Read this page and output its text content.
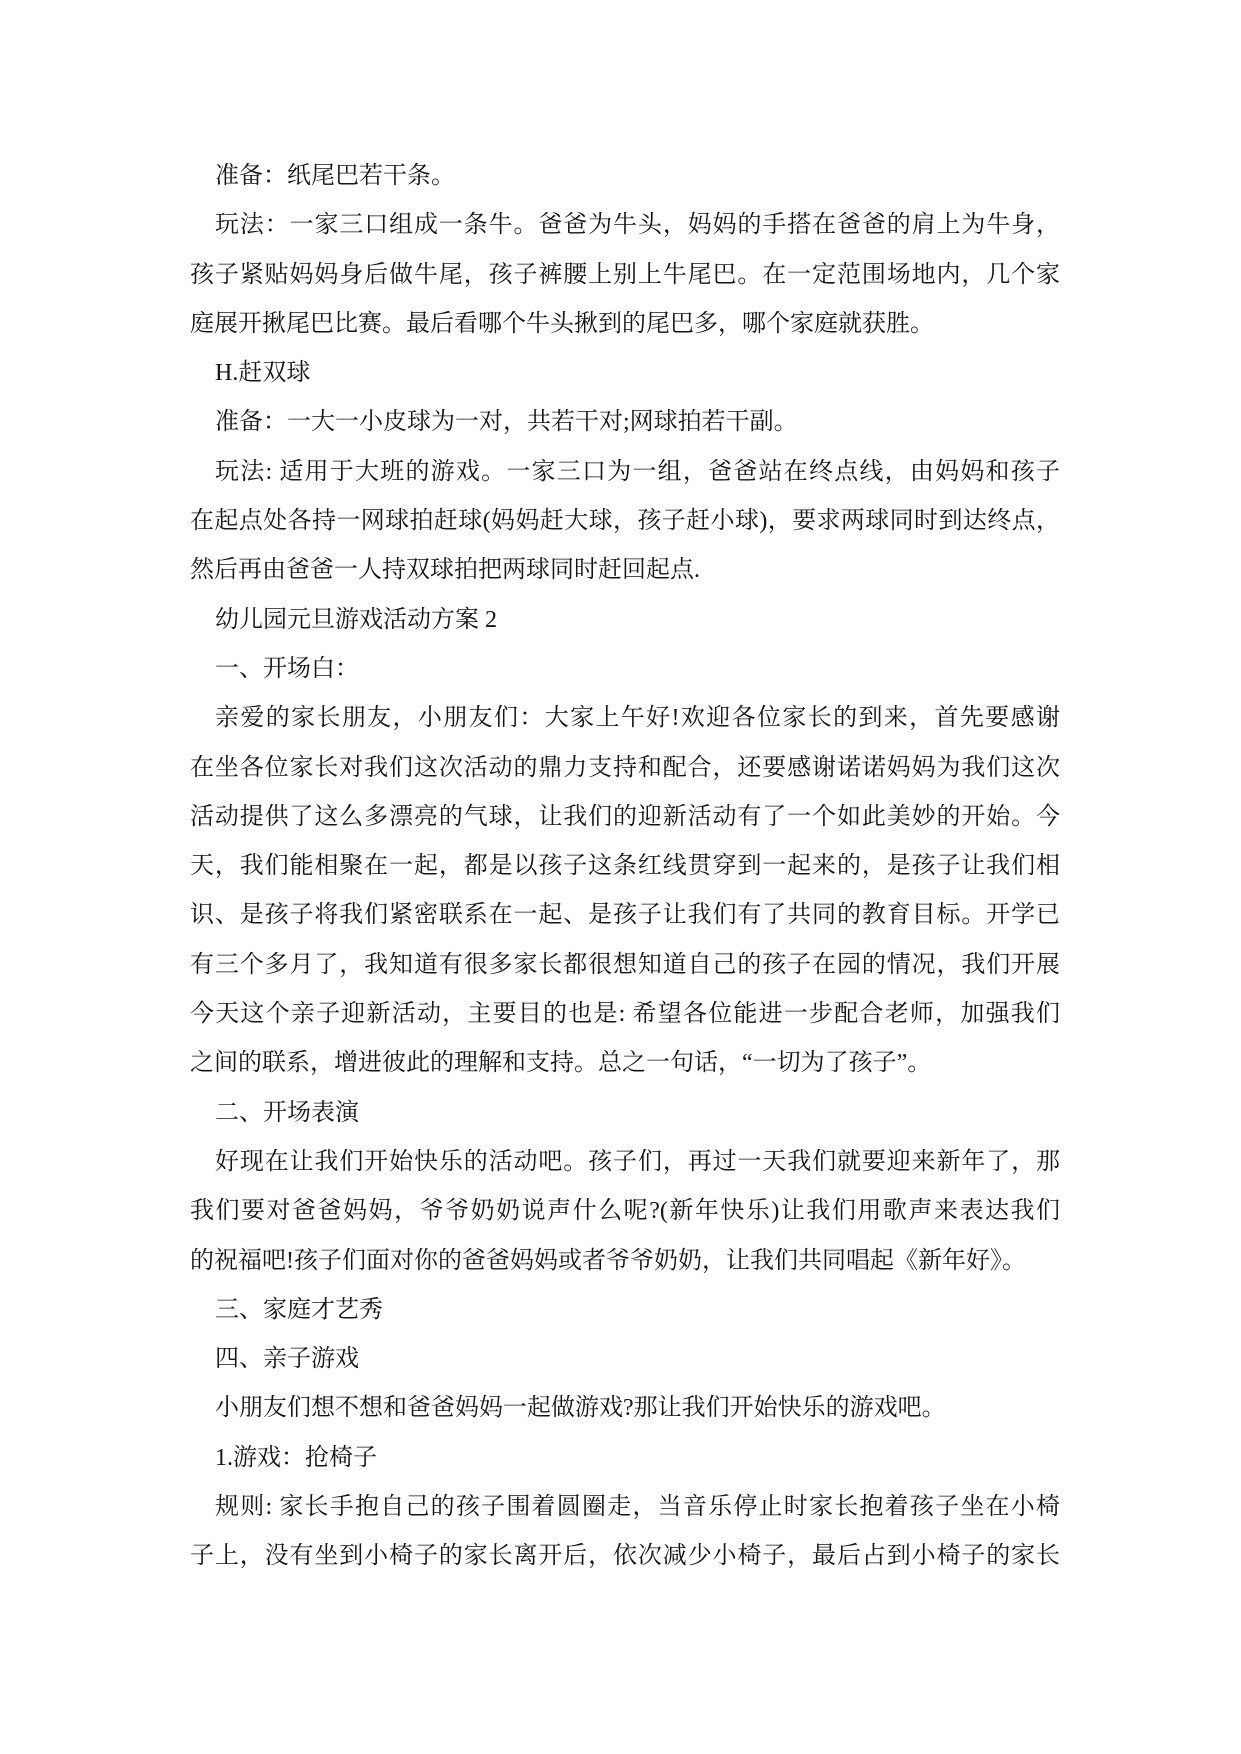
准备：纸尾巴若干条。
玩法：一家三口组成一条牛。爸爸为牛头，妈妈的手搭在爸爸的肩上为牛身，
孩子紧贴妈妈身后做牛尾，孩子裤腰上别上牛尾巴。在一定范围场地内，几个家
庭展开揪尾巴比赛。最后看哪个牛头揪到的尾巴多，哪个家庭就获胜。
H.赶双球
准备：一大一小皮球为一对，共若干对;网球拍若干副。
玩法: 适用于大班的游戏。一家三口为一组，爸爸站在终点线，由妈妈和孩子
在起点处各持一网球拍赶球(妈妈赶大球，孩子赶小球)，要求两球同时到达终点，
然后再由爸爸一人持双球拍把两球同时赶回起点.
幼儿园元旦游戏活动方案 2
一、开场白：
亲爱的家长朋友，小朋友们：大家上午好!欢迎各位家长的到来，首先要感谢
在坐各位家长对我们这次活动的鼎力支持和配合，还要感谢诺诺妈妈为我们这次
活动提供了这么多漂亮的气球，让我们的迎新活动有了一个如此美妙的开始。今
天，我们能相聚在一起，都是以孩子这条红线贯穿到一起来的，是孩子让我们相
识、是孩子将我们紧密联系在一起、是孩子让我们有了共同的教育目标。开学已
有三个多月了，我知道有很多家长都很想知道自己的孩子在园的情况，我们开展
今天这个亲子迎新活动，主要目的也是: 希望各位能进一步配合老师，加强我们
之间的联系，增进彼此的理解和支持。总之一句话，“一切为了孩子”。
二、开场表演
好现在让我们开始快乐的活动吧。孩子们，再过一天我们就要迎来新年了，那
我们要对爸爸妈妈，爷爷奶奶说声什么呢?(新年快乐)让我们用歌声来表达我们
的祝福吧!孩子们面对你的爸爸妈妈或者爷爷奶奶，让我们共同唱起《新年好》。
三、家庭才艺秀
四、亲子游戏
小朋友们想不想和爸爸妈妈一起做游戏?那让我们开始快乐的游戏吧。
1.游戏：抢椅子
规则: 家长手抱自己的孩子围着圆圈走，当音乐停止时家长抱着孩子坐在小椅
子上，没有坐到小椅子的家长离开后，依次减少小椅子，最后占到小椅子的家长
